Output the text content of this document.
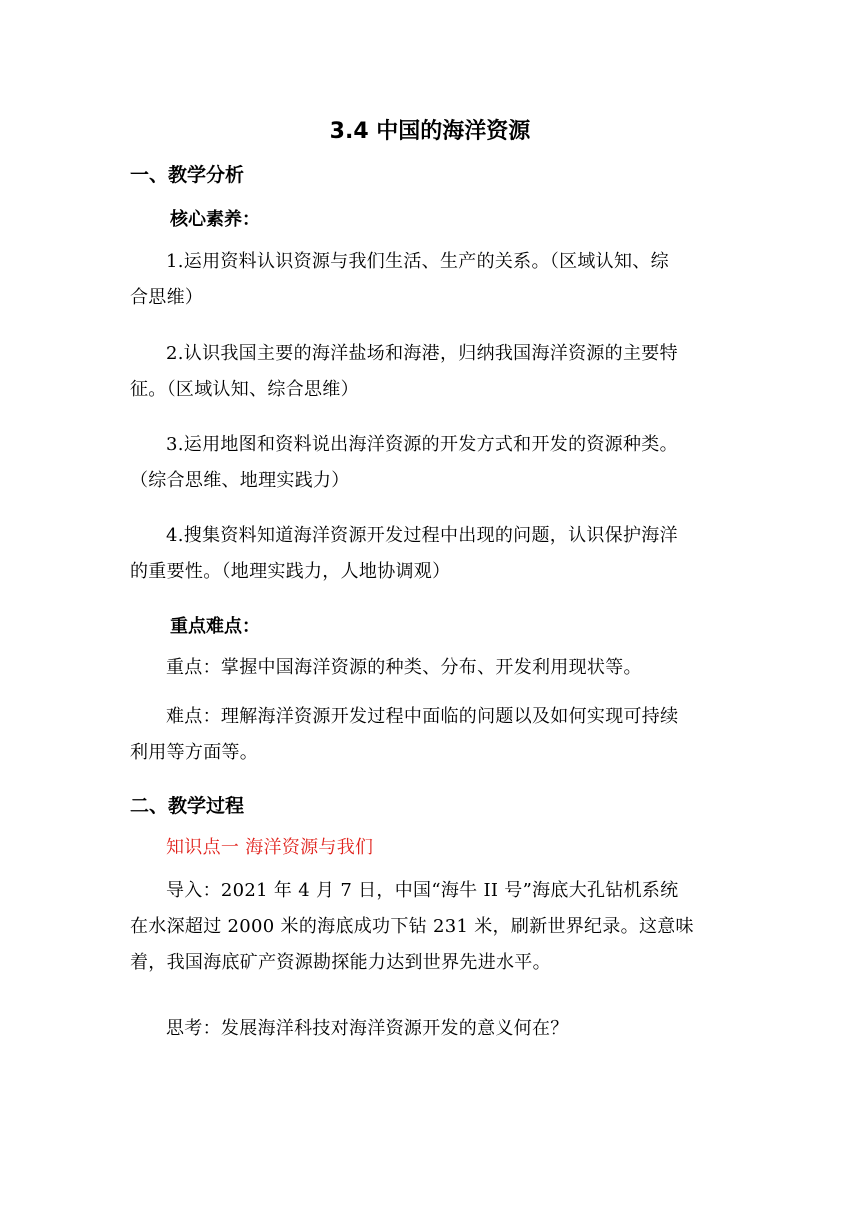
3.4 中国的海洋资源
一、教学分析
核心素养：
1.运用资料认识资源与我们生活、生产的关系。（区域认知、综
合思维）
2.认识我国主要的海洋盐场和海港，归纳我国海洋资源的主要特
征。（区域认知、综合思维）
3.运用地图和资料说出海洋资源的开发方式和开发的资源种类。
（综合思维、地理实践力）
4.搜集资料知道海洋资源开发过程中出现的问题，认识保护海洋
的重要性。（地理实践力，人地协调观）
重点难点：
重点：掌握中国海洋资源的种类、分布、开发利用现状等。
难点：理解海洋资源开发过程中面临的问题以及如何实现可持续
利用等方面等。
二、教学过程
知识点一 海洋资源与我们
导入：2021 年 4 月 7 日，中国“海牛 II 号”海底大孔钻机系统
在水深超过 2000 米的海底成功下钻 231 米，刷新世界纪录。这意味
着，我国海底矿产资源勘探能力达到世界先进水平。
思考：发展海洋科技对海洋资源开发的意义何在？
